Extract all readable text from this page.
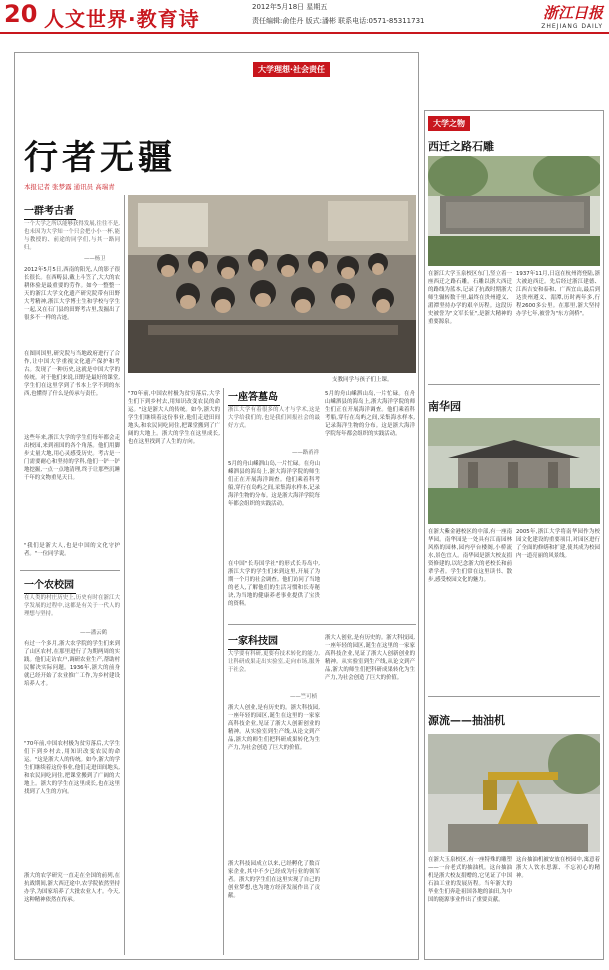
20 人文世界·教育诗	2012年5月18日 星期五
责任编辑:俞佳丹 版式:潘彬 联系电话:0571-85311731	浙江日报
ZHEJIANG DAILY
大学理想·社会责任
大学之物
行者无疆
本报记者 张梦露 通讯员 高瑞青
支教同学与孩子们上课。
一群考古者
一个大学之所以能够获得发展,往往不是,也未因为大学知一个只会把小小一杯,能与教授的、前途的同学们,与其一路同归。
——杨卫
2012年5月5日,西南的阳光,人的影子很长很长。在西畴县,戴上斗笠了,大大的农耕体验是最重要的劳作。如今一整整一天的浙江大学文化遗产研究院带有田野大考精神,浙江大学博士生和学校与学生一起,又在石门县的田野考古里,发掘出了很多不一样的古迹。
在图回国里,研究院与当地政府进行了合作,让中国大学重视文化遗产保护和考古。发现了一种历史,这就是中国大学的传统。对于他们来说,田野是最好的课堂,学生们在这里学到了书本上学不到的东西,也懂得了什么是传承与责任。
这些年来,浙江大学的学生们每年都会走出校园,来到祖国的各个角落。他们用脚步丈量大地,用心灵感受历史。考古是一门需要耐心和坚持的学科,他们一铲一铲地挖掘,一点一点地清理,终于让那些沉睡千年的文物重见天日。
"我们是浙大人,也是中国的文化守护者。"一位同学说。
一个农校园
在人类的村庄历史上,历史有时在浙江大学发展的过程中,这都是有关于一代人的理想与坚持。
——潘云鹤
有过一个多月,浙大农学院的学生们来到了山区农村,在那里进行了为期两周的实践。他们走访农户,调研农业生产,帮助村民解决实际问题。1936年,浙大的前身就已经开始了农业推广工作,为乡村建设培养人才。
"70年前,中国农村极为贫穷落后,大学生们下到乡村去,用知识改变农民的命运。"这是浙大人的传统。如今,浙大的学生们继续着这份事业,他们走进田间地头,和农民同吃同住,把课堂搬到了广阔的大地上。浙大的学生在这里成长,也在这里找到了人生的方向。
浙大的农学研究一直走在全国的前列,在抗战期间,浙大西迁途中,农学院依然坚持办学,为国家培养了大批农业人才。今天,这种精神依然在传承。
"70年前,中国农村极为贫穷落后,大学生们下到乡村去,用知识改变农民的命运。"这是浙大人的传统。如今,浙大的学生们继续着这份事业,他们走进田间地头,和农民同吃同住,把课堂搬到了广阔的大地上。浙大的学生在这里成长,也在这里找到了人生的方向。
一座答墓岛
浙江大学有着很多的人才与学术,这是大学给我们的,也是我们回报社会的最好方式。
——路甬祥
5月的舟山嵊泗山岛,一片忙碌。在舟山嵊泗县的海岛上,浙大海洋学院的师生们正在开展海洋调查。他们乘着科考船,穿行在岛屿之间,采集海水样本,记录海洋生物的分布。这是浙大海洋学院每年都会组织的实践活动。
在中国"长寿国学社"的形式长寿岛中,浙江大学的学生们来到这里,开展了为期一个月的社会调查。他们访问了当地的老人,了解他们的生活习惯和长寿秘诀,为当地的健康养老事业提供了宝贵的资料。
5月的舟山嵊泗山岛,一片忙碌。在舟山嵊泗县的海岛上,浙大海洋学院的师生们正在开展海洋调查。他们乘着科考船,穿行在岛屿之间,采集海水样本,记录海洋生物的分布。这是浙大海洋学院每年都会组织的实践活动。
一家科技园
大学要有科研,更要有技术转化的能力,让科研成果走出实验室,走向市场,服务于社会。
——竺可桢
浙大人创业,是有历史的。浙大科技园,一座年轻的园区,诞生在这里的一家家高科技企业,见证了浙大人创新创业的精神。从实验室到生产线,从论文到产品,浙大的师生们把科研成果转化为生产力,为社会创造了巨大的价值。
浙大科技园成立以来,已经孵化了数百家企业,其中不少已经成为行业的领军者。浙大的学生们在这里实现了自己的创业梦想,也为地方经济发展作出了贡献。
浙大人创业,是有历史的。浙大科技园,一座年轻的园区,诞生在这里的一家家高科技企业,见证了浙大人创新创业的精神。从实验室到生产线,从论文到产品,浙大的师生们把科研成果转化为生产力,为社会创造了巨大的价值。
西迁之路石雕
在浙江大学玉泉校区东门,竖立着一座西迁之路石雕。石雕以浙大西迁的路线为蓝本,记录了抗战时期浙大师生辗转数千里,最终在贵州遵义、湄潭坚持办学的艰辛历程。这段历史被誉为"文军长征",是浙大精神的重要源泉。
1937年11月,日寇在杭州湾登陆,浙大被迫西迁。先后经过浙江建德、江西吉安和泰和、广西宜山,最后到达贵州遵义、湄潭,历时两年多,行程2600多公里。在那里,浙大坚持办学七年,被誉为"东方剑桥"。
南华园
在浙大紫金港校区的中部,有一座南华园。南华园是一处具有江南园林风格的园林,园内亭台楼阁,小桥流水,景色宜人。南华园是浙大校友捐资修建的,以纪念浙大的老校长和前辈学者。学生们常在这里读书、散步,感受校园文化的魅力。
2005年,浙江大学将南华园作为校园文化建设的重要项目,对园区进行了全面的修缮和扩建,使其成为校园内一道亮丽的风景线。
源流——抽油机
在浙大玉泉校区,有一座特殊的雕塑——一台老式的抽油机。这台抽油机是浙大校友捐赠的,它见证了中国石油工业的发展历程。当年浙大的毕业生们奔赴祖国各地的油田,为中国的能源事业作出了重要贡献。
这台抽油机被安放在校园中,寓意着浙大人饮水思源、不忘初心的精神。
